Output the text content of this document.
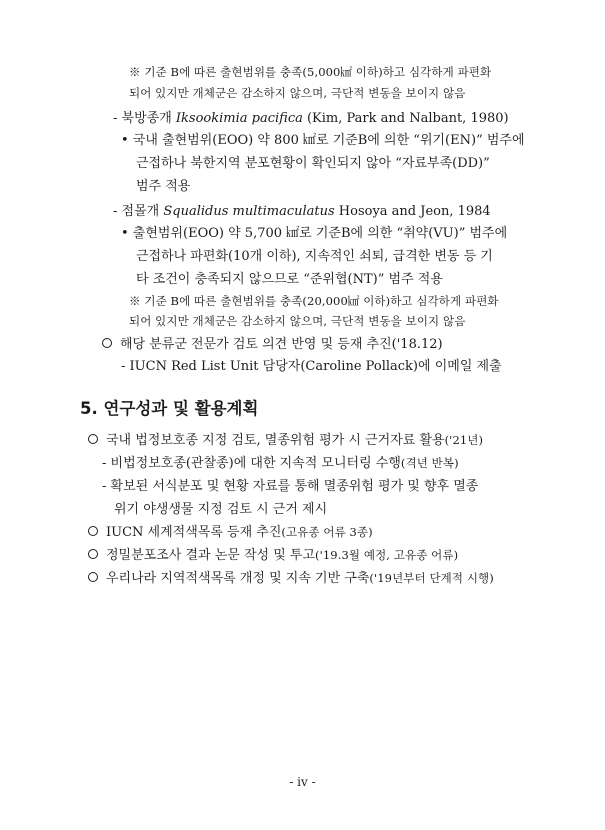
※ 기준 B에 따른 출현범위를 충족(5,000㎢ 이하)하고 심각하게 파편화
되어 있지만 개체군은 감소하지 않으며, 극단적 변동을 보이지 않음
- 북방종개 Iksookimia pacifica (Kim, Park and Nalbant, 1980)
• 국내 출현범위(EOO) 약 800 ㎢로 기준B에 의한 “위기(EN)” 범주에
근접하나 북한지역 분포현황이 확인되지 않아 “자료부족(DD)”
범주 적용
- 점몰개 Squalidus multimaculatus Hosoya and Jeon, 1984
• 출현범위(EOO) 약 5,700 ㎢로 기준B에 의한 “취약(VU)” 범주에
근접하나 파편화(10개 이하), 지속적인 쇠퇴, 급격한 변동 등 기
타 조건이 충족되지 않으므로 “준위협(NT)” 범주 적용
※ 기준 B에 따른 출현범위를 충족(20,000㎢ 이하)하고 심각하게 파편화
되어 있지만 개체군은 감소하지 않으며, 극단적 변동을 보이지 않음
해당 분류군 전문가 검토 의견 반영 및 등재 추진('18.12)
- IUCN Red List Unit 담당자(Caroline Pollack)에 이메일 제출
5. 연구성과 및 활용계획
국내 법정보호종 지정 검토, 멸종위험 평가 시 근거자료 활용('21년)
- 비법정보호종(관찰종)에 대한 지속적 모니터링 수행(격년 반복)
- 확보된 서식분포 및 현황 자료를 통해 멸종위험 평가 및 향후 멸종
위기 야생생물 지정 검토 시 근거 제시
IUCN 세계적색목록 등재 추진(고유종 어류 3종)
정밀분포조사 결과 논문 작성 및 투고('19.3월 예정, 고유종 어류)
우리나라 지역적색목록 개정 및 지속 기반 구축('19년부터 단계적 시행)
- iv -
